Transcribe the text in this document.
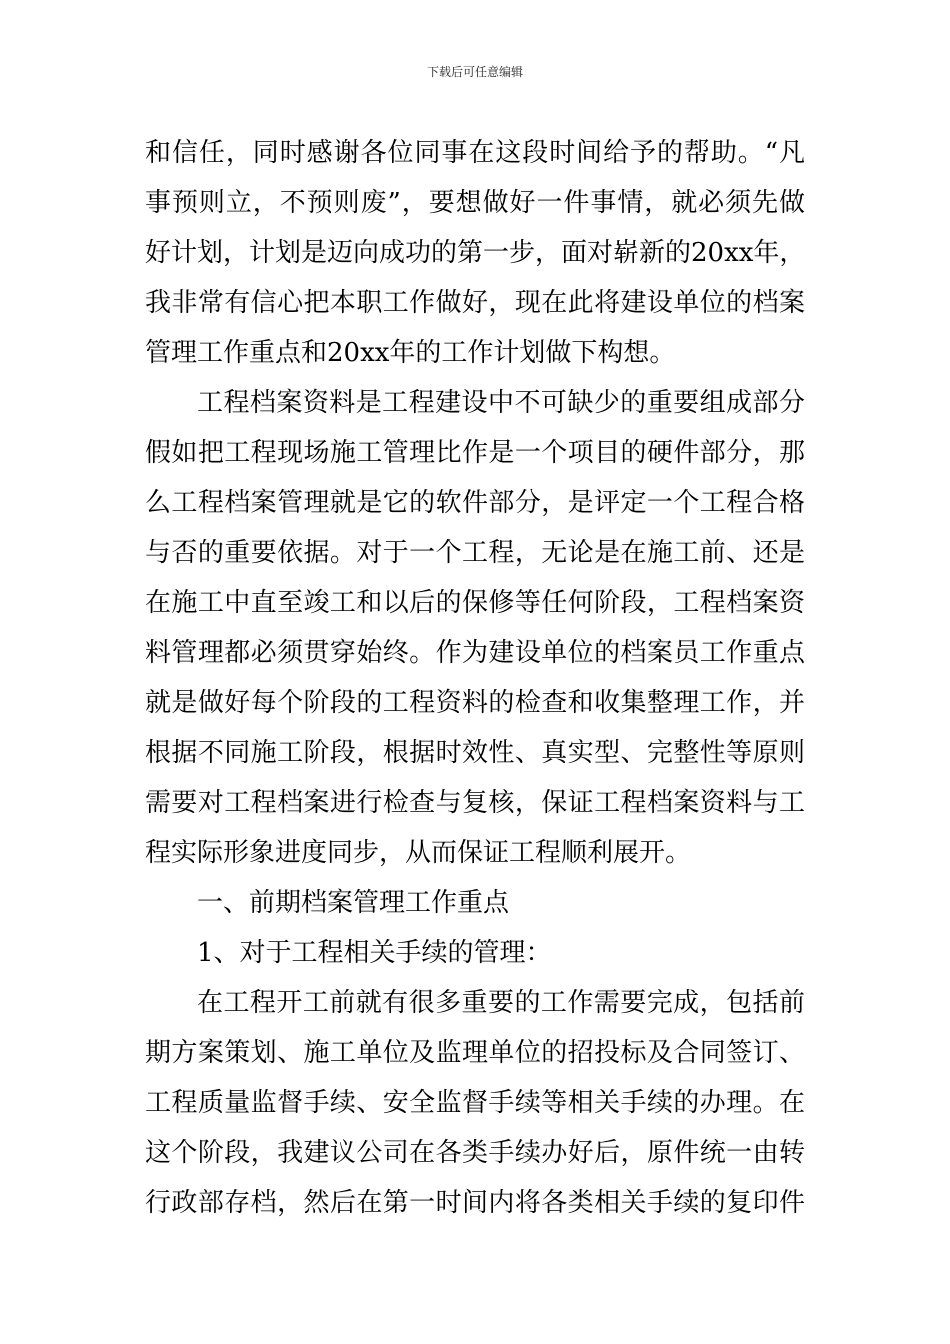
下载后可任意编辑
和信任，同时感谢各位同事在这段时间给予的帮助。“凡
事预则立，不预则废”，要想做好一件事情，就必须先做
好计划，计划是迈向成功的第一步，面对崭新的20xx年，
我非常有信心把本职工作做好，现在此将建设单位的档案
管理工作重点和20xx年的工作计划做下构想。
工程档案资料是工程建设中不可缺少的重要组成部分
假如把工程现场施工管理比作是一个项目的硬件部分，那
么工程档案管理就是它的软件部分，是评定一个工程合格
与否的重要依据。对于一个工程，无论是在施工前、还是
在施工中直至竣工和以后的保修等任何阶段，工程档案资
料管理都必须贯穿始终。作为建设单位的档案员工作重点
就是做好每个阶段的工程资料的检查和收集整理工作，并
根据不同施工阶段，根据时效性、真实型、完整性等原则
需要对工程档案进行检查与复核，保证工程档案资料与工
程实际形象进度同步，从而保证工程顺利展开。
一、前期档案管理工作重点
1、对于工程相关手续的管理：
在工程开工前就有很多重要的工作需要完成，包括前
期方案策划、施工单位及监理单位的招投标及合同签订、
工程质量监督手续、安全监督手续等相关手续的办理。在
这个阶段，我建议公司在各类手续办好后，原件统一由转
行政部存档，然后在第一时间内将各类相关手续的复印件
